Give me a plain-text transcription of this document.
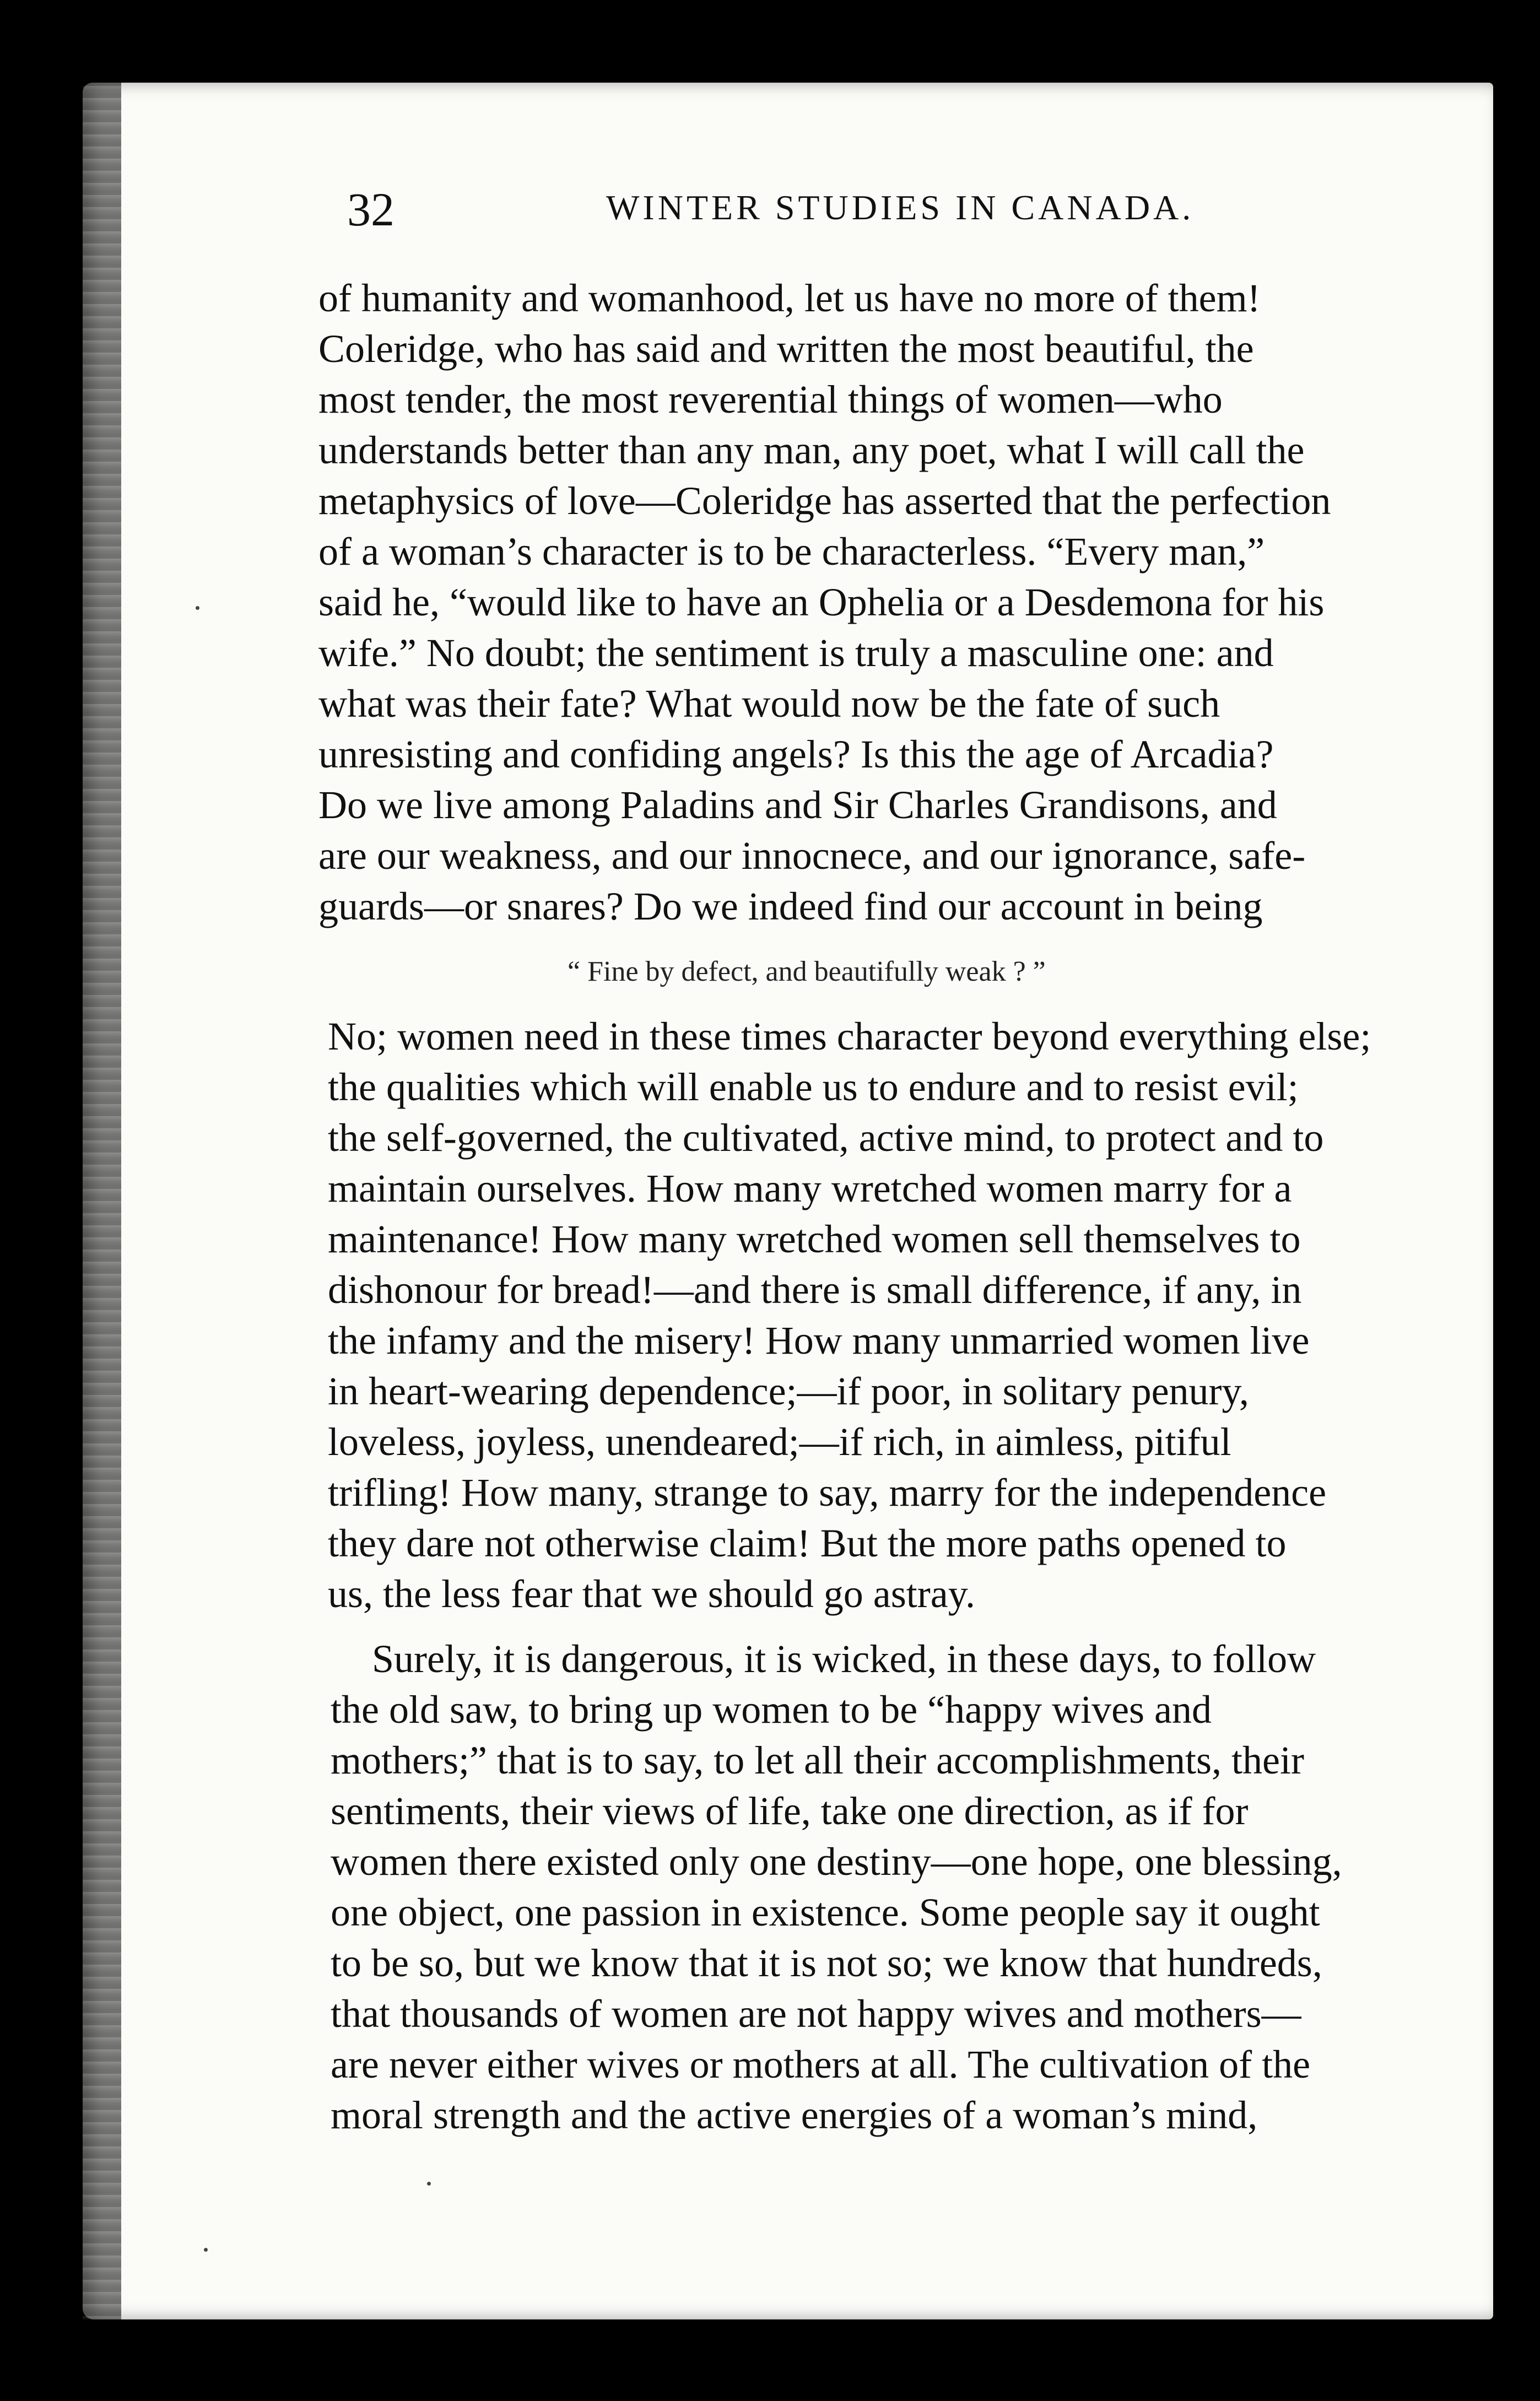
32	WINTER STUDIES IN CANADA.
of humanity and womanhood, let us have no more of them!
Coleridge, who has said and written the most beautiful, the
most tender, the most reverential things of women—who
understands better than any man, any poet, what I will call the
metaphysics of love—Coleridge has asserted that the perfection
of a woman’s character is to be characterless. “Every man,”
said he, “would like to have an Ophelia or a Desdemona for his
wife.” No doubt; the sentiment is truly a masculine one: and
what was their fate? What would now be the fate of such
unresisting and confiding angels? Is this the age of Arcadia?
Do we live among Paladins and Sir Charles Grandisons, and
are our weakness, and our innocnece, and our ignorance, safe-
guards—or snares? Do we indeed find our account in being
“ Fine by defect, and beautifully weak ? ”
No; women need in these times character beyond everything else;
the qualities which will enable us to endure and to resist evil;
the self-governed, the cultivated, active mind, to protect and to
maintain ourselves. How many wretched women marry for a
maintenance! How many wretched women sell themselves to
dishonour for bread!—and there is small difference, if any, in
the infamy and the misery! How many unmarried women live
in heart-wearing dependence;—if poor, in solitary penury,
loveless, joyless, unendeared;—if rich, in aimless, pitiful
trifling! How many, strange to say, marry for the independence
they dare not otherwise claim! But the more paths opened to
us, the less fear that we should go astray.
Surely, it is dangerous, it is wicked, in these days, to follow
the old saw, to bring up women to be “happy wives and
mothers;” that is to say, to let all their accomplishments, their
sentiments, their views of life, take one direction, as if for
women there existed only one destiny—one hope, one blessing,
one object, one passion in existence. Some people say it ought
to be so, but we know that it is not so; we know that hundreds,
that thousands of women are not happy wives and mothers—
are never either wives or mothers at all. The cultivation of the
moral strength and the active energies of a woman’s mind,
